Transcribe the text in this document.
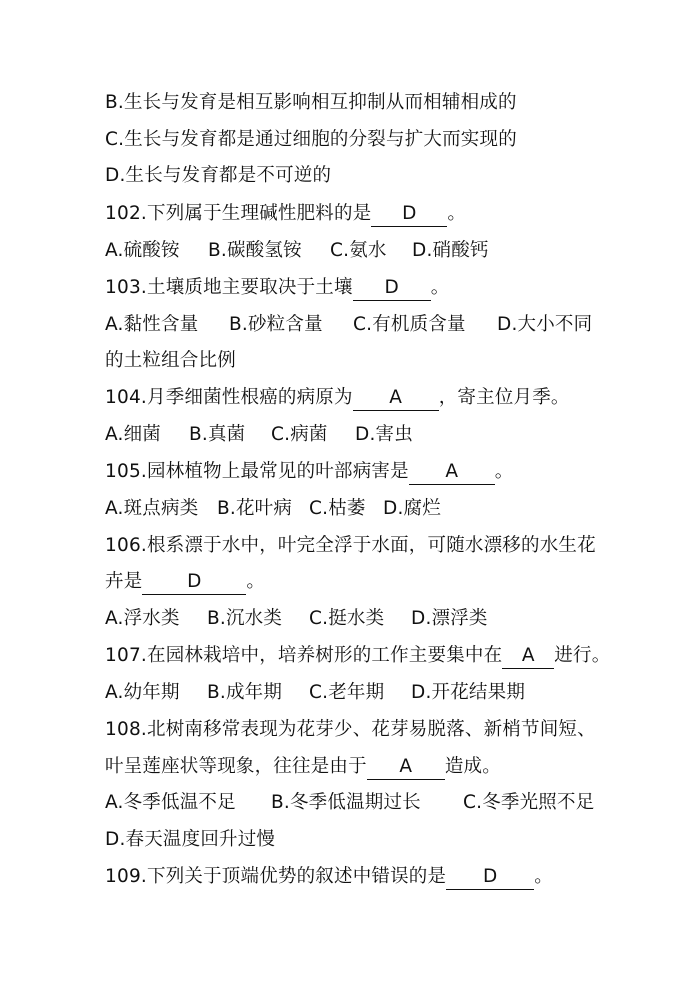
B.生长与发育是相互影响相互抑制从而相辅相成的
C.生长与发育都是通过细胞的分裂与扩大而实现的
D.生长与发育都是不可逆的
102.下列属于生理碱性肥料的是 D 。
A.硫酸铵 B.碳酸氢铵 C.氨水 D.硝酸钙
103.土壤质地主要取决于土壤 D 。
A.黏性含量 B.砂粒含量 C.有机质含量 D.大小不同
的土粒组合比例
104.月季细菌性根癌的病原为 A ，寄主位月季。
A.细菌 B.真菌 C.病菌 D.害虫
105.园林植物上最常见的叶部病害是 A 。
A.斑点病类 B.花叶病 C.枯萎 D.腐烂
106.根系漂于水中，叶完全浮于水面，可随水漂移的水生花
卉是 D 。
A.浮水类 B.沉水类 C.挺水类 D.漂浮类
107.在园林栽培中，培养树形的工作主要集中在 A 进行。
A.幼年期 B.成年期 C.老年期 D.开花结果期
108.北树南移常表现为花芽少、花芽易脱落、新梢节间短、
叶呈莲座状等现象，往往是由于 A 造成。
A.冬季低温不足 B.冬季低温期过长 C.冬季光照不足
D.春天温度回升过慢
109.下列关于顶端优势的叙述中错误的是 D 。
